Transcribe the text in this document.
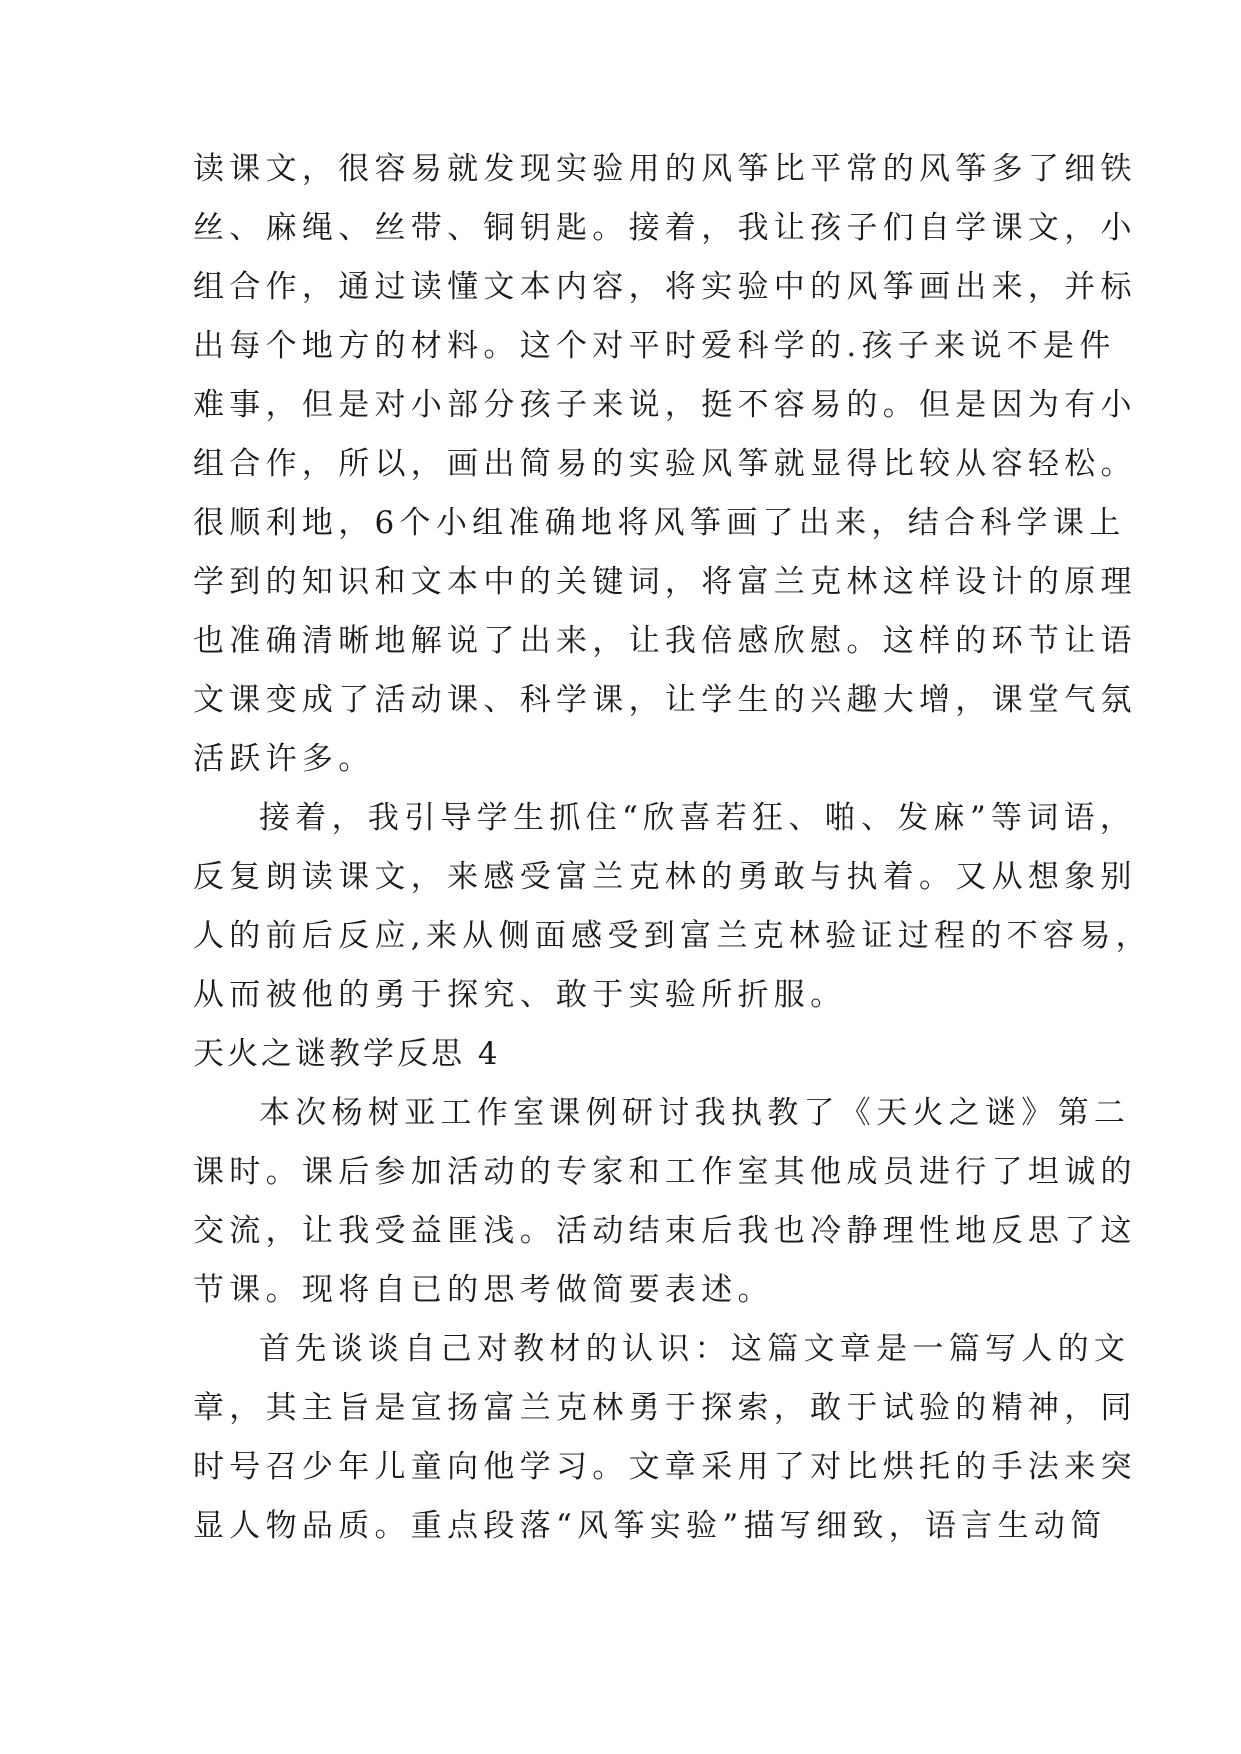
读课文，很容易就发现实验用的风筝比平常的风筝多了细铁
丝、麻绳、丝带、铜钥匙。接着，我让孩子们自学课文，小
组合作，通过读懂文本内容，将实验中的风筝画出来，并标
出每个地方的材料。这个对平时爱科学的.孩子来说不是件
难事，但是对小部分孩子来说，挺不容易的。但是因为有小
组合作，所以，画出简易的实验风筝就显得比较从容轻松。
很顺利地，6个小组准确地将风筝画了出来，结合科学课上
学到的知识和文本中的关键词，将富兰克林这样设计的原理
也准确清晰地解说了出来，让我倍感欣慰。这样的环节让语
文课变成了活动课、科学课，让学生的兴趣大增，课堂气氛
活跃许多。
接着，我引导学生抓住“欣喜若狂、啪、发麻”等词语，
反复朗读课文，来感受富兰克林的勇敢与执着。又从想象别
人的前后反应,来从侧面感受到富兰克林验证过程的不容易，
从而被他的勇于探究、敢于实验所折服。
天火之谜教学反思 4
本次杨树亚工作室课例研讨我执教了《天火之谜》第二
课时。课后参加活动的专家和工作室其他成员进行了坦诚的
交流，让我受益匪浅。活动结束后我也冷静理性地反思了这
节课。现将自已的思考做简要表述。
首先谈谈自己对教材的认识：这篇文章是一篇写人的文
章，其主旨是宣扬富兰克林勇于探索，敢于试验的精神，同
时号召少年儿童向他学习。文章采用了对比烘托的手法来突
显人物品质。重点段落“风筝实验”描写细致，语言生动简
